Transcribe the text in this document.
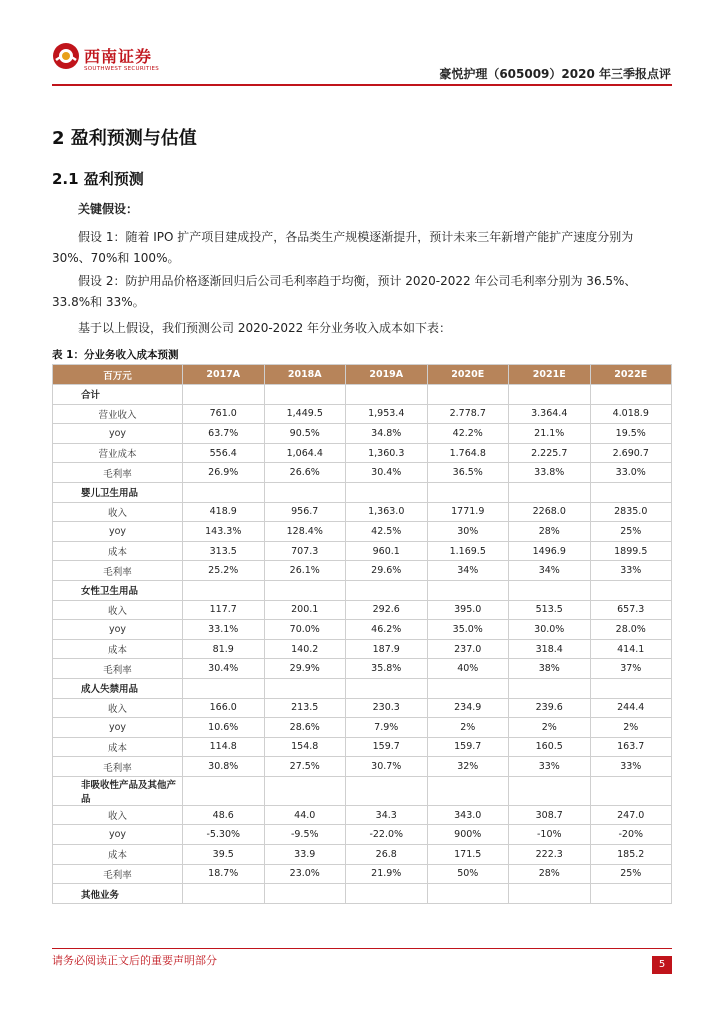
西南证券
SOUTHWEST SECURITIES	豪悦护理（605009）2020 年三季报点评
2 盈利预测与估值
2.1 盈利预测
关键假设：
假设 1：随着 IPO 扩产项目建成投产，各品类生产规模逐渐提升，预计未来三年新增产能扩产速度分别为 30%、70%和 100%。
假设 2：防护用品价格逐渐回归后公司毛利率趋于均衡，预计 2020-2022 年公司毛利率分别为 36.5%、33.8%和 33%。
基于以上假设，我们预测公司 2020-2022 年分业务收入成本如下表：
表 1：分业务收入成本预测
百万元	2017A	2018A	2019A	2020E	2021E	2022E
合计						
营业收入	761.0	1,449.5	1,953.4	2.778.7	3.364.4	4.018.9
yoy	63.7%	90.5%	34.8%	42.2%	21.1%	19.5%
营业成本	556.4	1,064.4	1,360.3	1.764.8	2.225.7	2.690.7
毛利率	26.9%	26.6%	30.4%	36.5%	33.8%	33.0%
婴儿卫生用品						
收入	418.9	956.7	1,363.0	1771.9	2268.0	2835.0
yoy	143.3%	128.4%	42.5%	30%	28%	25%
成本	313.5	707.3	960.1	1.169.5	1496.9	1899.5
毛利率	25.2%	26.1%	29.6%	34%	34%	33%
女性卫生用品						
收入	117.7	200.1	292.6	395.0	513.5	657.3
yoy	33.1%	70.0%	46.2%	35.0%	30.0%	28.0%
成本	81.9	140.2	187.9	237.0	318.4	414.1
毛利率	30.4%	29.9%	35.8%	40%	38%	37%
成人失禁用品						
收入	166.0	213.5	230.3	234.9	239.6	244.4
yoy	10.6%	28.6%	7.9%	2%	2%	2%
成本	114.8	154.8	159.7	159.7	160.5	163.7
毛利率	30.8%	27.5%	30.7%	32%	33%	33%
非吸收性产品及其他产品						
收入	48.6	44.0	34.3	343.0	308.7	247.0
yoy	-5.30%	-9.5%	-22.0%	900%	-10%	-20%
成本	39.5	33.9	26.8	171.5	222.3	185.2
毛利率	18.7%	23.0%	21.9%	50%	28%	25%
其他业务						
请务必阅读正文后的重要声明部分	5
